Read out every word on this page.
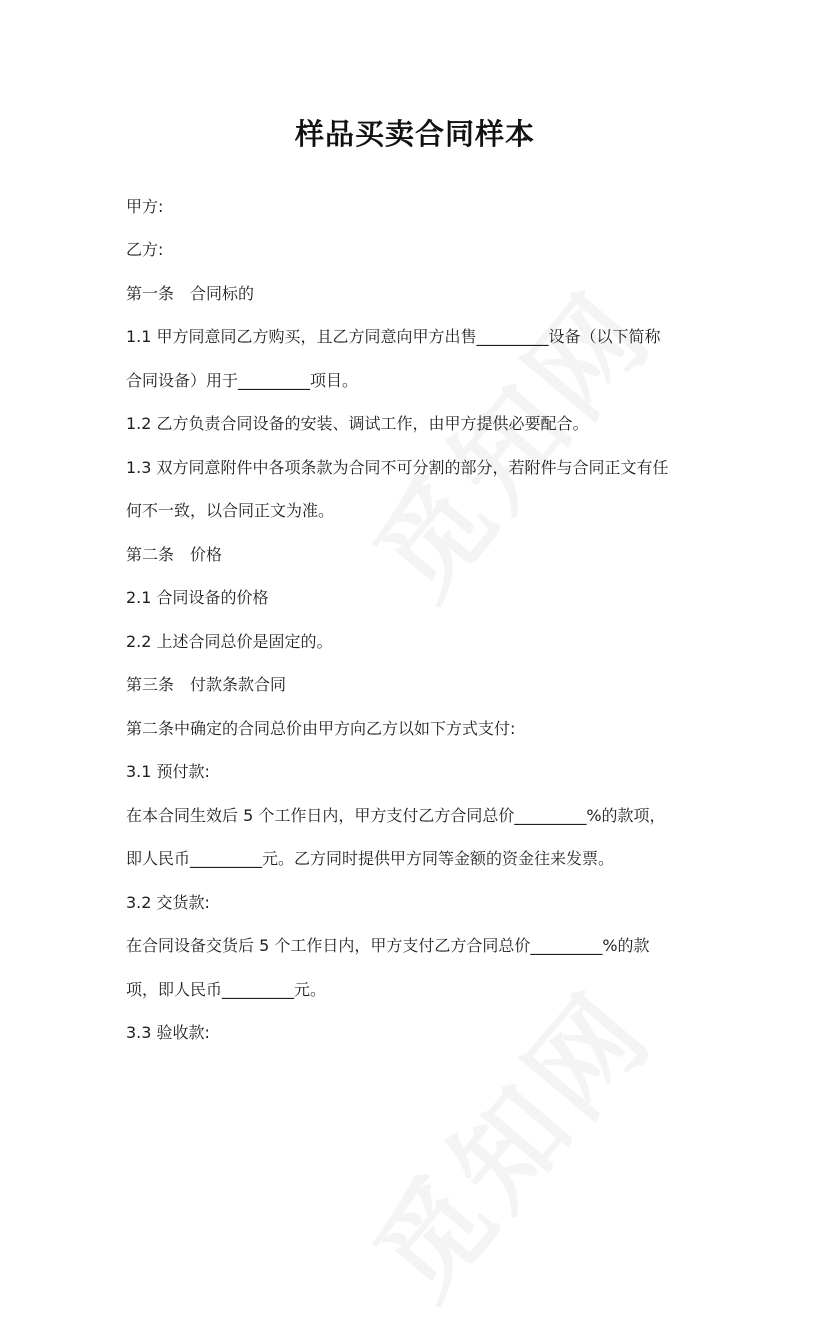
样品买卖合同样本
甲方:
乙方:
第一条　合同标的
1.1 甲方同意同乙方购买，且乙方同意向甲方出售_________设备（以下简称
合同设备）用于_________项目。
1.2 乙方负责合同设备的安装、调试工作，由甲方提供必要配合。
1.3 双方同意附件中各项条款为合同不可分割的部分，若附件与合同正文有任
何不一致，以合同正文为准。
第二条　价格
2.1 合同设备的价格
2.2 上述合同总价是固定的。
第三条　付款条款合同
第二条中确定的合同总价由甲方向乙方以如下方式支付:
3.1 预付款:
在本合同生效后 5 个工作日内，甲方支付乙方合同总价_________%的款项，
即人民币_________元。乙方同时提供甲方同等金额的资金往来发票。
3.2 交货款:
在合同设备交货后 5 个工作日内，甲方支付乙方合同总价_________%的款
项，即人民币_________元。
3.3 验收款:
